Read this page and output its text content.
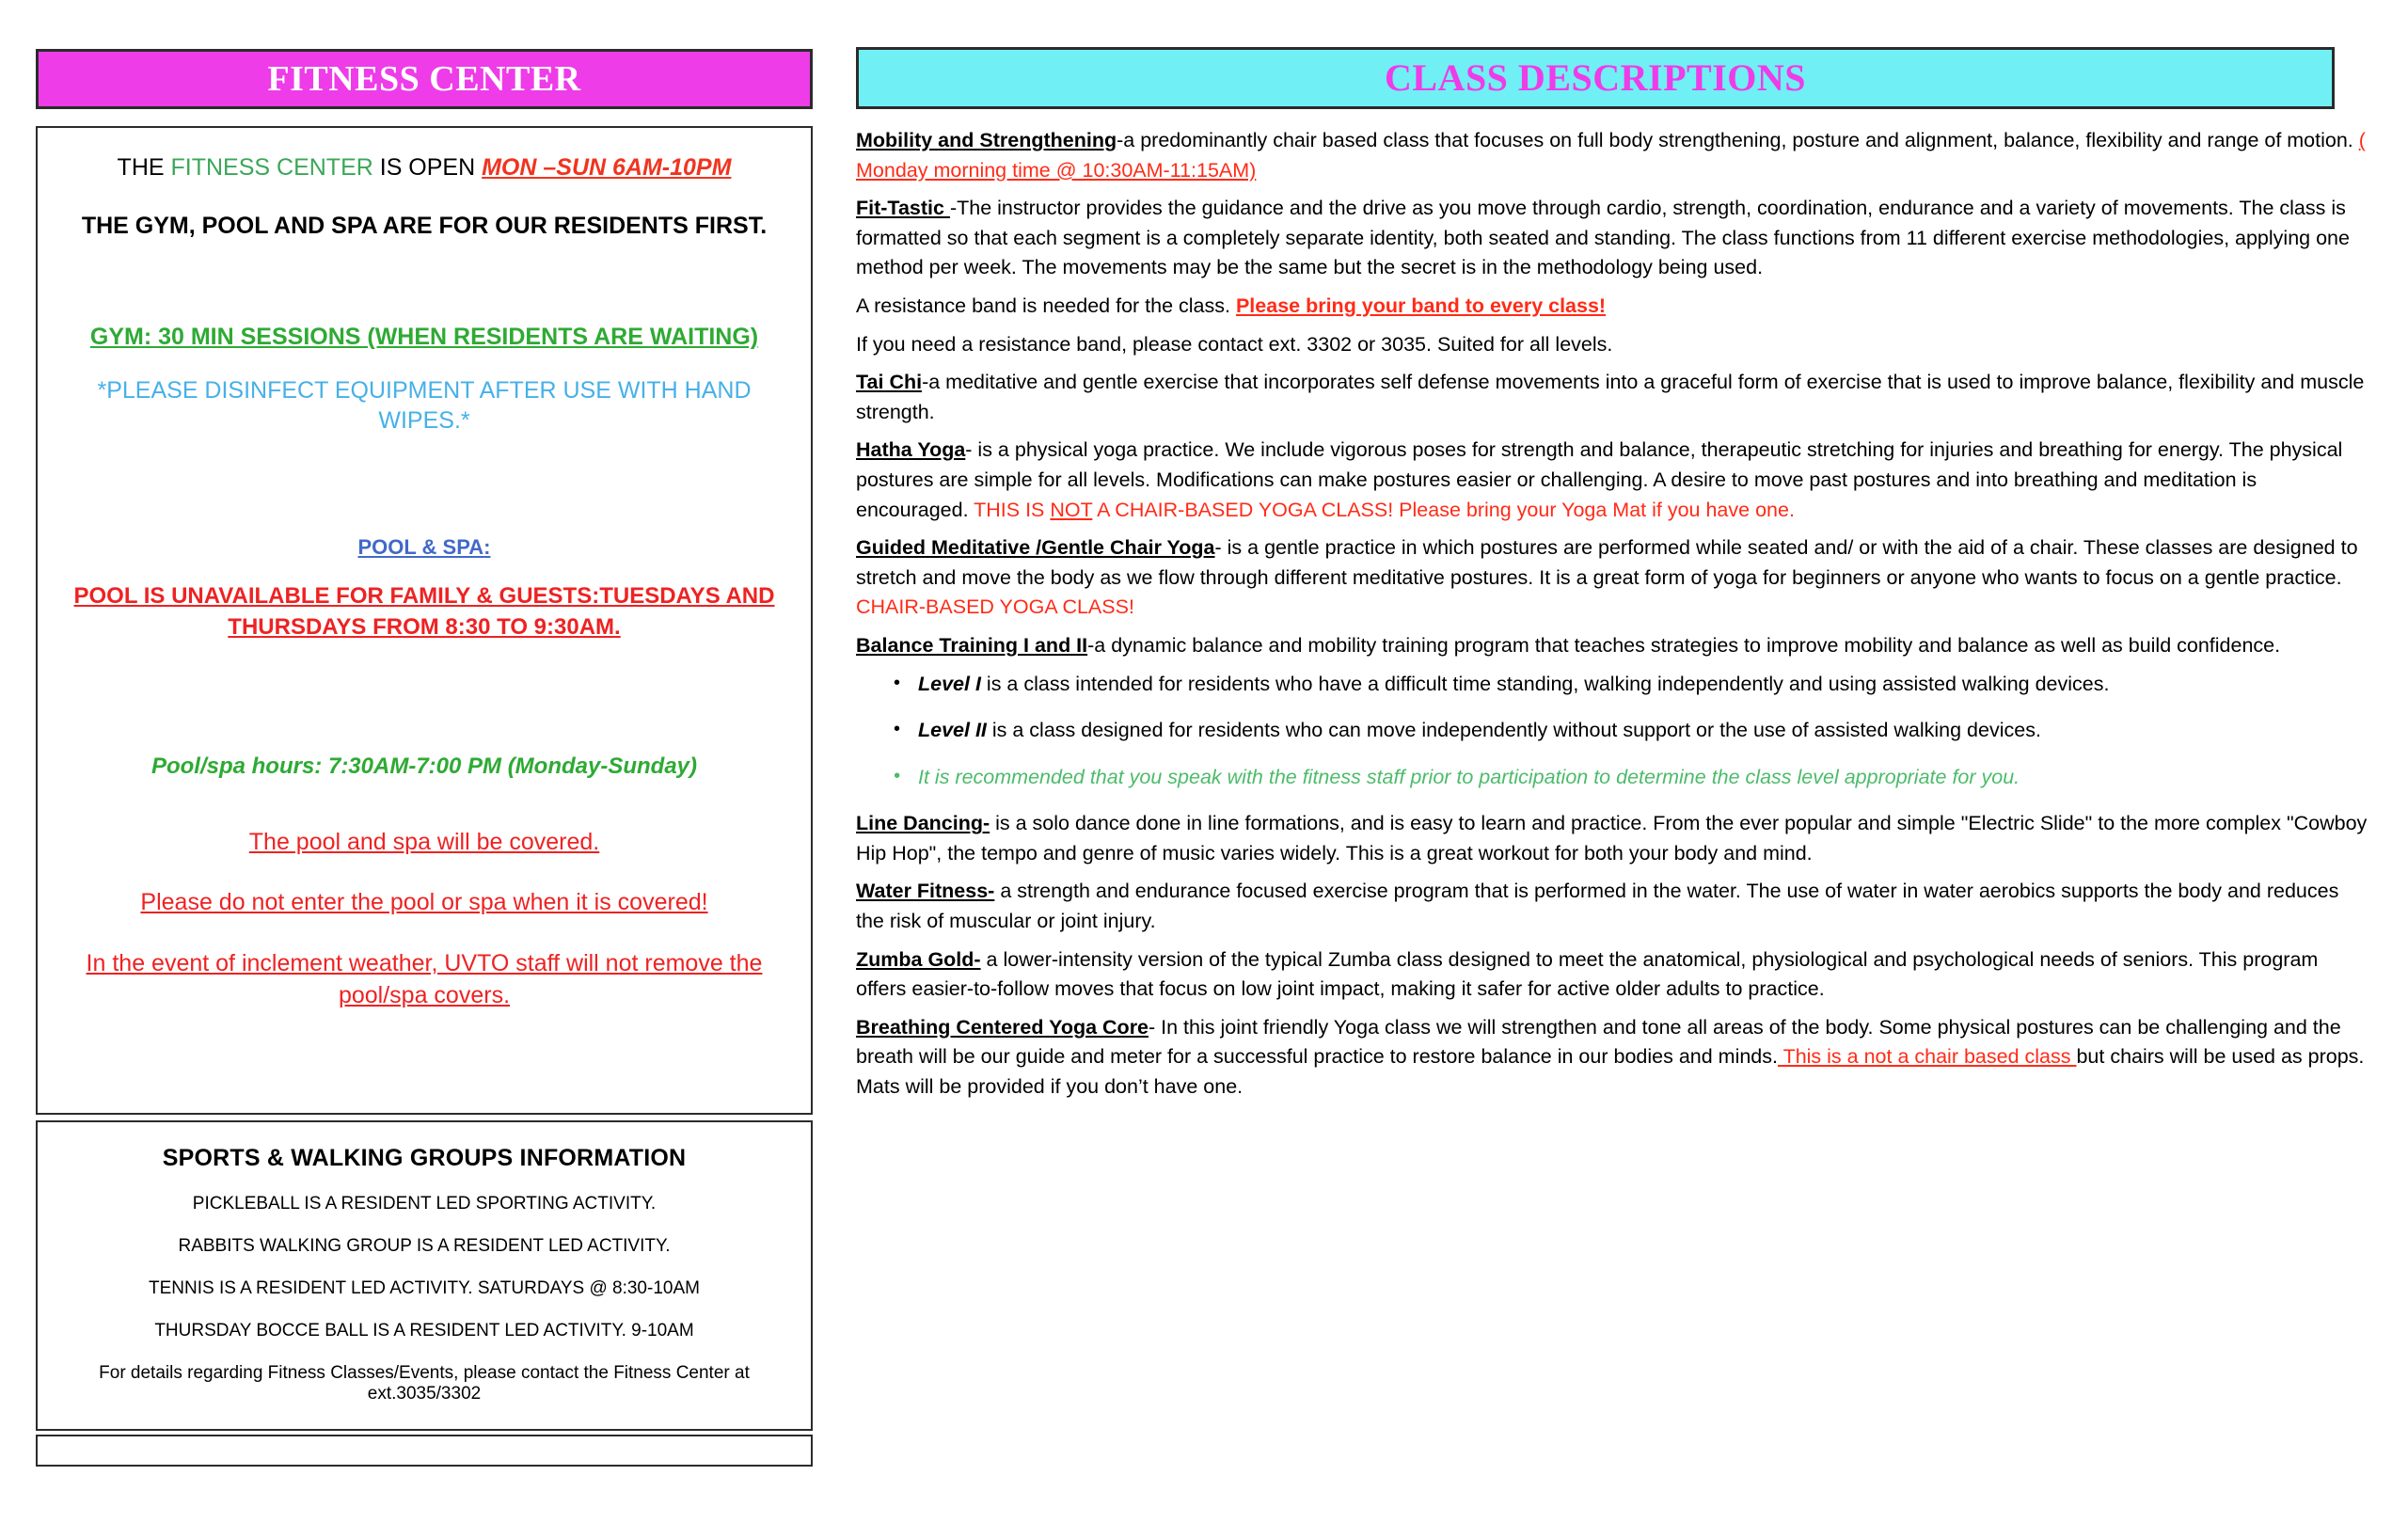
FITNESS CENTER
THE FITNESS CENTER IS OPEN MON –SUN 6AM-10PM
THE GYM, POOL AND SPA ARE FOR OUR RESIDENTS FIRST.
GYM: 30 MIN SESSIONS (WHEN RESIDENTS ARE WAITING)
*PLEASE DISINFECT EQUIPMENT AFTER USE WITH HAND WIPES.*
POOL & SPA:
POOL IS UNAVAILABLE FOR FAMILY & GUESTS:TUESDAYS AND THURSDAYS FROM 8:30 TO 9:30AM.
Pool/spa hours: 7:30AM-7:00 PM (Monday-Sunday)
The pool and spa will be covered.
Please do not enter the pool or spa when it is covered!
In the event of inclement weather, UVTO staff will not remove the pool/spa covers.
SPORTS & WALKING GROUPS INFORMATION
PICKLEBALL IS A RESIDENT LED SPORTING ACTIVITY.
RABBITS WALKING GROUP IS A RESIDENT LED ACTIVITY.
TENNIS IS A RESIDENT LED ACTIVITY. SATURDAYS @ 8:30-10AM
THURSDAY BOCCE BALL IS A RESIDENT LED ACTIVITY. 9-10AM
For details regarding Fitness Classes/Events, please contact the Fitness Center at ext.3035/3302
CLASS DESCRIPTIONS

Mobility and Strengthening-a predominantly chair based class that focuses on full body strengthening, posture and alignment, balance, flexibility and range of motion. ( Monday morning time @ 10:30AM-11:15AM)

Fit-Tastic -The instructor provides the guidance and the drive as you move through cardio, strength, coordination, endurance and a variety of movements. The class is formatted so that each segment is a completely separate identity, both seated and standing. The class functions from 11 different exercise methodologies, applying one method per week. The movements may be the same but the secret is in the methodology being used.

A resistance band is needed for the class. Please bring your band to every class!

If you need a resistance band, please contact ext. 3302 or 3035. Suited for all levels.

Tai Chi-a meditative and gentle exercise that incorporates self defense movements into a graceful form of exercise that is used to improve balance, flexibility and muscle strength.

Hatha Yoga- is a physical yoga practice. We include vigorous poses for strength and balance, therapeutic stretching for injuries and breathing for energy. The physical postures are simple for all levels. Modifications can make postures easier or challenging. A desire to move past postures and into breathing and meditation is encouraged. THIS IS NOT A CHAIR-BASED YOGA CLASS! Please bring your Yoga Mat if you have one.

Guided Meditative /Gentle Chair Yoga- is a gentle practice in which postures are performed while seated and/ or with the aid of a chair. These classes are designed to stretch and move the body as we flow through different meditative postures. It is a great form of yoga for beginners or anyone who wants to focus on a gentle practice. CHAIR-BASED YOGA CLASS!

Balance Training I and II-a dynamic balance and mobility training program that teaches strategies to improve mobility and balance as well as build confidence.

• Level I is a class intended for residents who have a difficult time standing, walking independently and using assisted walking devices.
• Level II is a class designed for residents who can move independently without support or the use of assisted walking devices.
• It is recommended that you speak with the fitness staff prior to participation to determine the class level appropriate for you.

Line Dancing- is a solo dance done in line formations, and is easy to learn and practice. From the ever popular and simple "Electric Slide" to the more complex "Cowboy Hip Hop", the tempo and genre of music varies widely. This is a great workout for both your body and mind.

Water Fitness- a strength and endurance focused exercise program that is performed in the water. The use of water in water aerobics supports the body and reduces the risk of muscular or joint injury.

Zumba Gold- a lower-intensity version of the typical Zumba class designed to meet the anatomical, physiological and psychological needs of seniors. This program offers easier-to-follow moves that focus on low joint impact, making it safer for active older adults to practice.

Breathing Centered Yoga Core- In this joint friendly Yoga class we will strengthen and tone all areas of the body. Some physical postures can be challenging and the breath will be our guide and meter for a successful practice to restore balance in our bodies and minds. This is a not a chair based class but chairs will be used as props. Mats will be provided if you don’t have one.
